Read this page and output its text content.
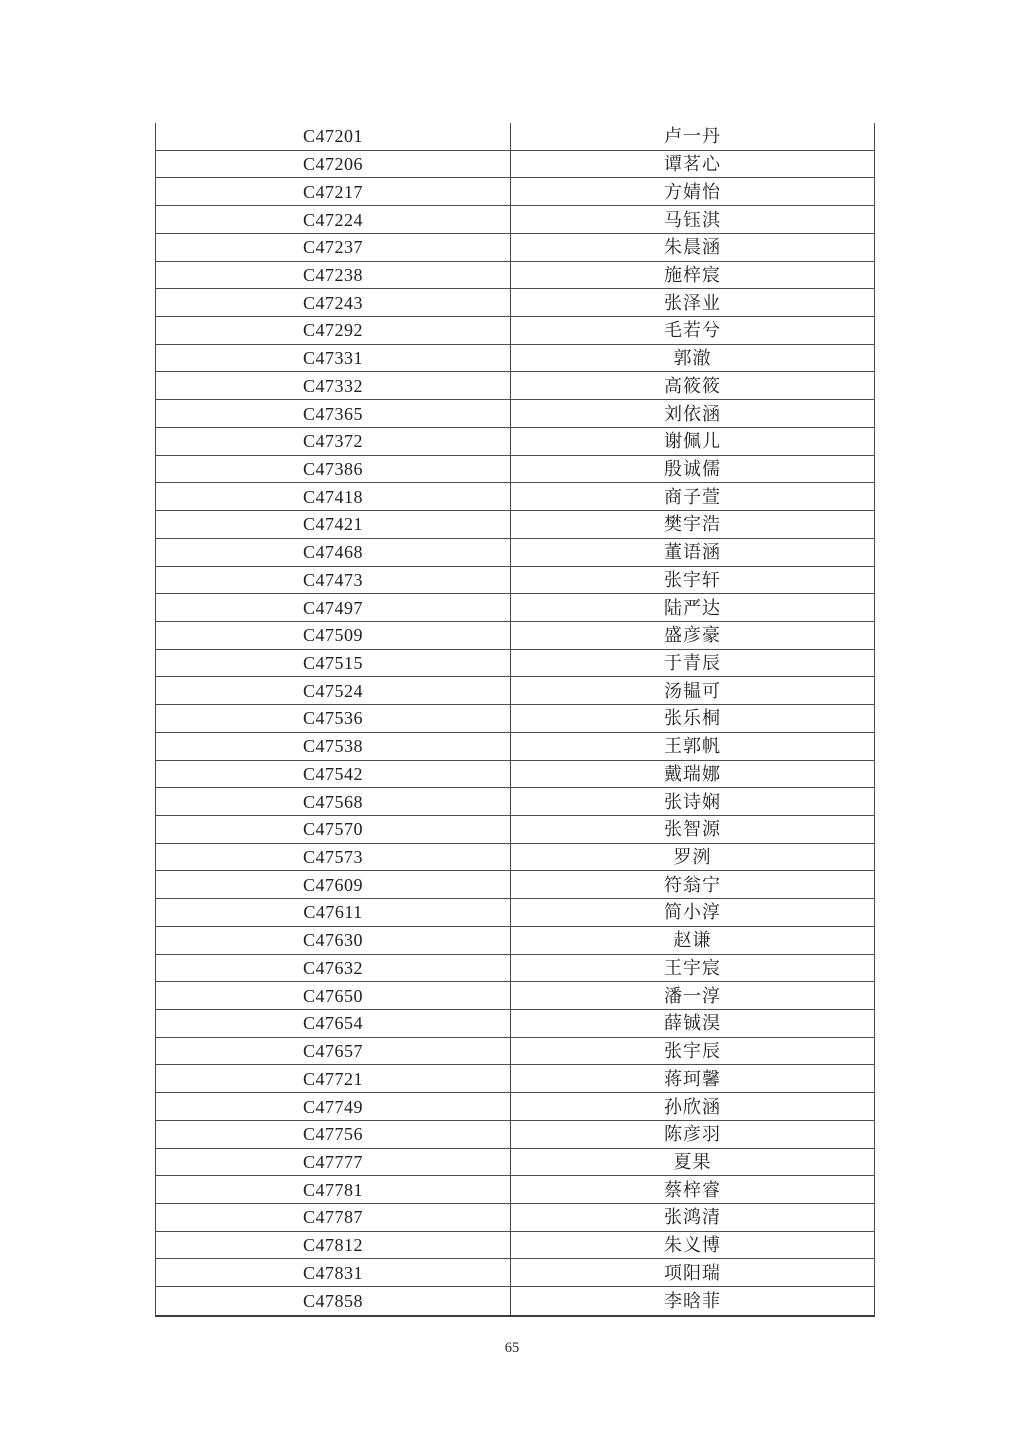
C47201	卢一丹
C47206	谭茗心
C47217	方婧怡
C47224	马钰淇
C47237	朱晨涵
C47238	施梓宸
C47243	张泽业
C47292	毛若兮
C47331	郭澈
C47332	高筱筱
C47365	刘依涵
C47372	谢佩儿
C47386	殷诚儒
C47418	商子萱
C47421	樊宇浩
C47468	董语涵
C47473	张宇轩
C47497	陆严达
C47509	盛彦豪
C47515	于青辰
C47524	汤韫可
C47536	张乐桐
C47538	王郭帆
C47542	戴瑞娜
C47568	张诗娴
C47570	张智源
C47573	罗洌
C47609	符翁宁
C47611	简小淳
C47630	赵谦
C47632	王宇宸
C47650	潘一淳
C47654	薛铖淏
C47657	张宇辰
C47721	蒋珂馨
C47749	孙欣涵
C47756	陈彦羽
C47777	夏果
C47781	蔡梓睿
C47787	张鸿清
C47812	朱义博
C47831	项阳瑞
C47858	李晗菲
65
